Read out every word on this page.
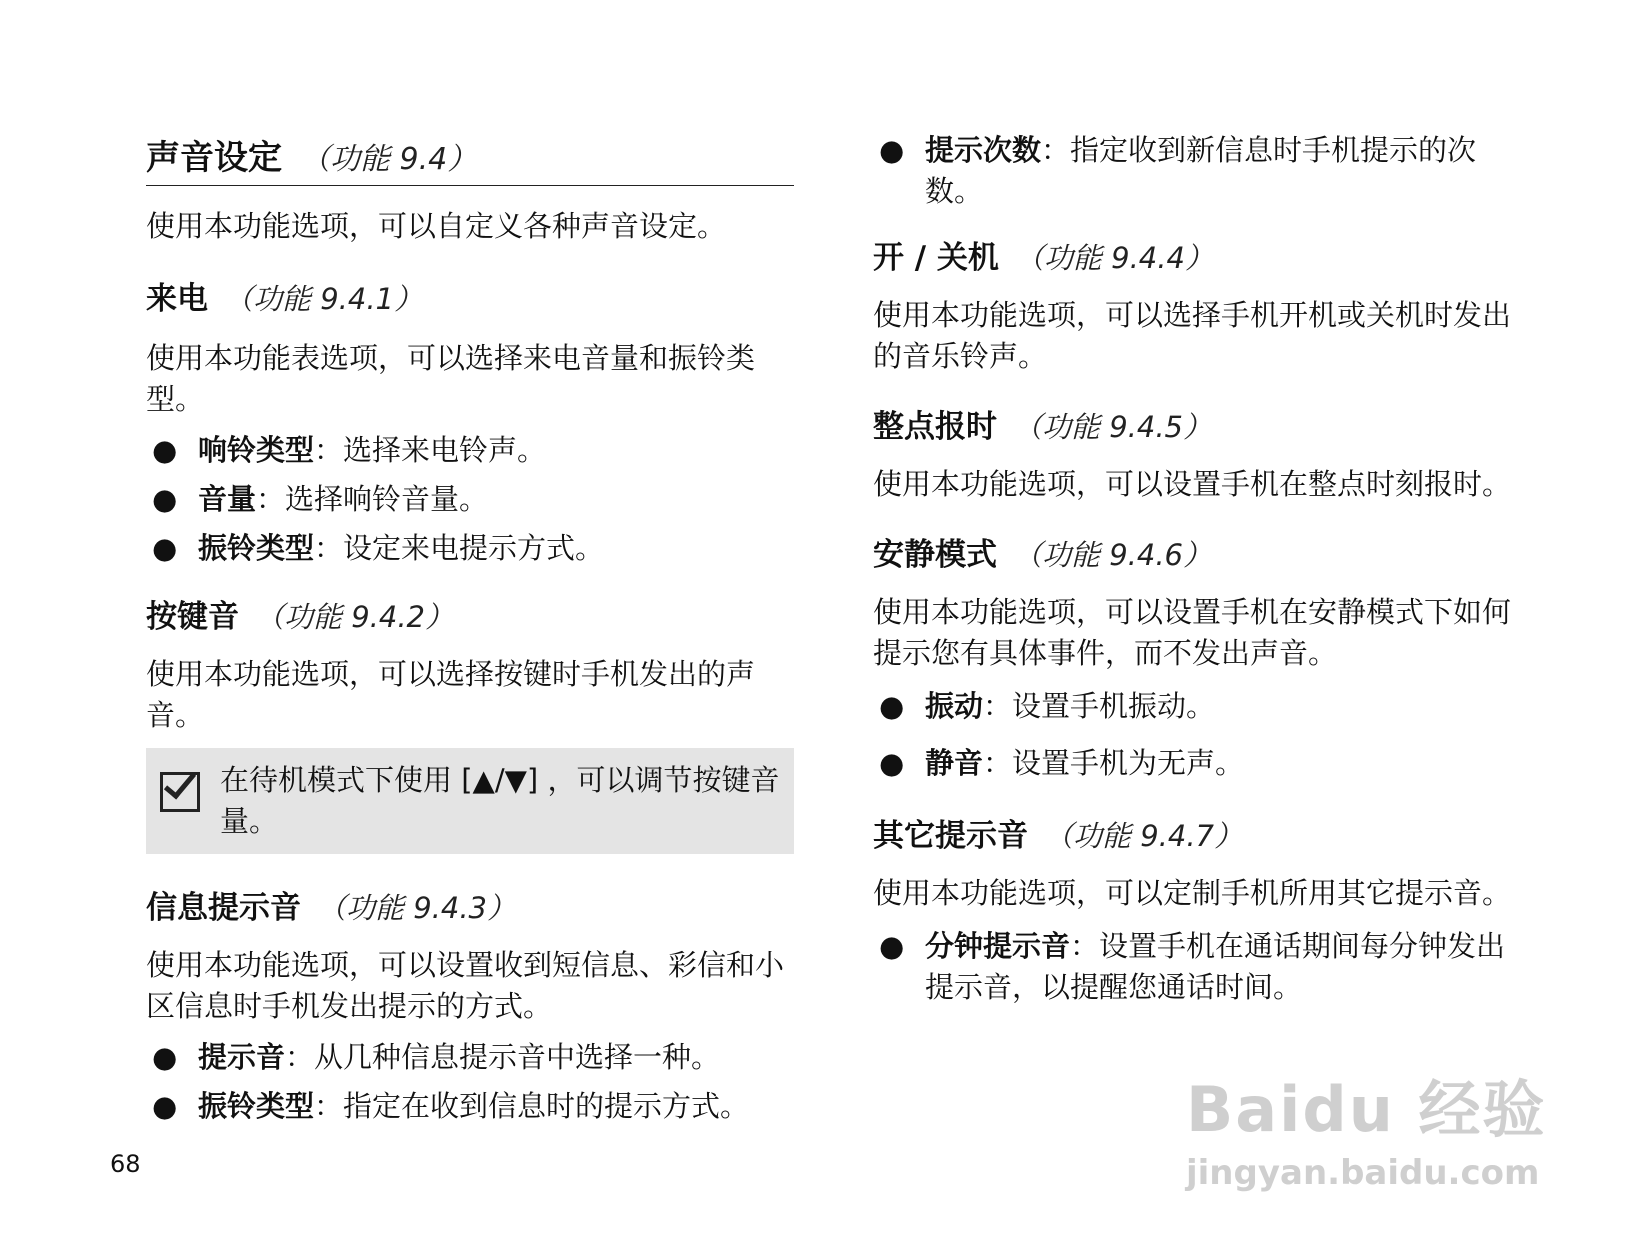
声音设定 （功能 9.4）

使用本功能选项，可以自定义各种声音设定。

来电 （功能 9.4.1）

使用本功能表选项，可以选择来电音量和振铃类型。

● 响铃类型：选择来电铃声。
● 音量：选择响铃音量。
● 振铃类型：设定来电提示方式。
按键音 （功能 9.4.2）

使用本功能选项，可以选择按键时手机发出的声音。

在待机模式下使用 [▲/▼] ，可以调节按键音量。
信息提示音 （功能 9.4.3）

使用本功能选项，可以设置收到短信息、彩信和小区信息时手机发出提示的方式。

● 提示音：从几种信息提示音中选择一种。
● 振铃类型：指定在收到信息时的提示方式。
68
● 提示次数：指定收到新信息时手机提示的次数。
开 / 关机 （功能 9.4.4）

使用本功能选项，可以选择手机开机或关机时发出的音乐铃声。

整点报时 （功能 9.4.5）

使用本功能选项，可以设置手机在整点时刻报时。

安静模式 （功能 9.4.6）

使用本功能选项，可以设置手机在安静模式下如何提示您有具体事件，而不发出声音。

● 振动：设置手机振动。
● 静音：设置手机为无声。
其它提示音 （功能 9.4.7）

使用本功能选项，可以定制手机所用其它提示音。

● 分钟提示音：设置手机在通话期间每分钟发出提示音，以提醒您通话时间。
Baidu 经验
jingyan.baidu.com
